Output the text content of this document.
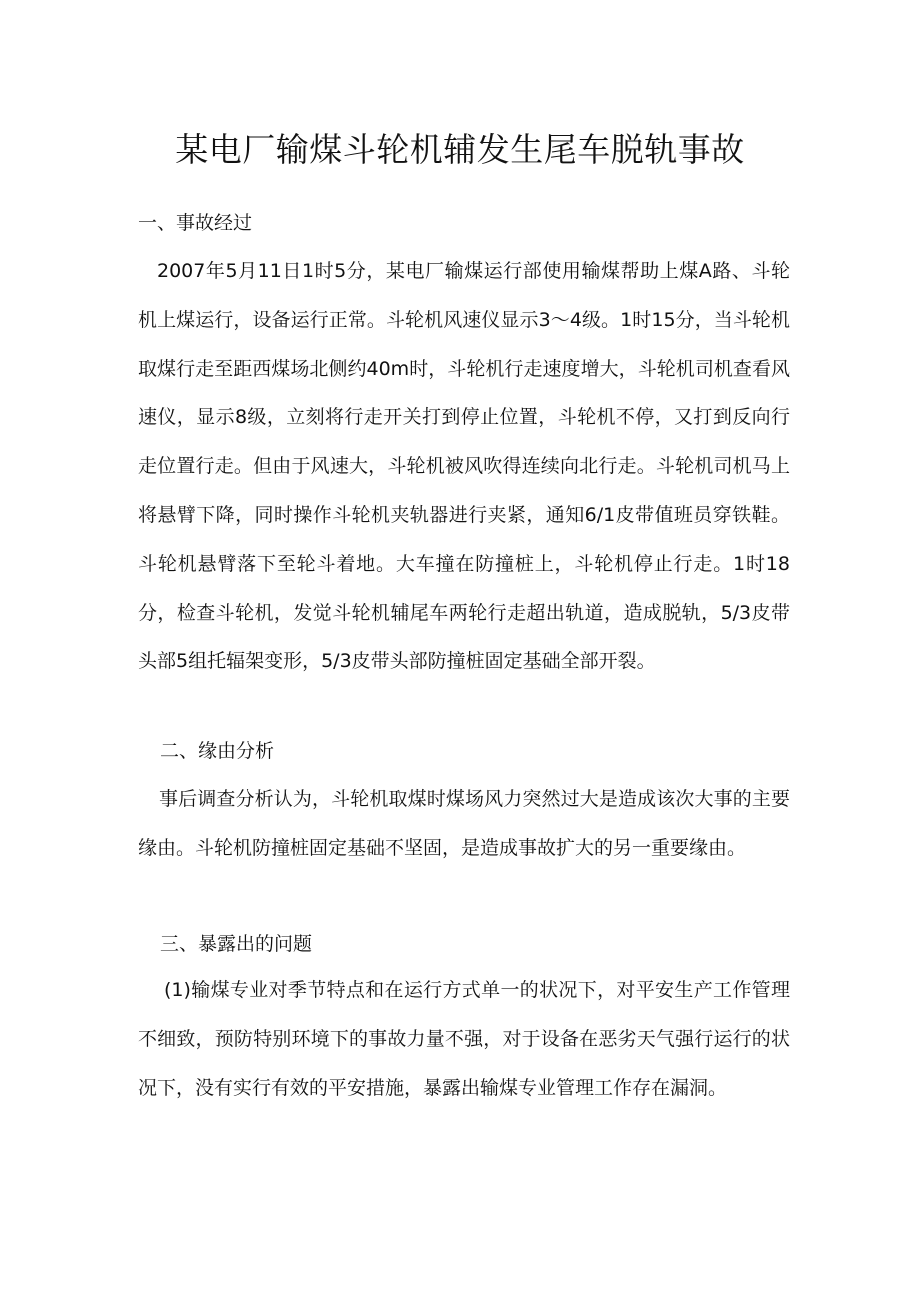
某电厂输煤斗轮机辅发生尾车脱轨事故
一、事故经过

2007年5月11日1时5分，某电厂输煤运行部使用输煤帮助上煤A路、斗轮机上煤运行，设备运行正常。斗轮机风速仪显示3～4级。1时15分，当斗轮机取煤行走至距西煤场北侧约40m时，斗轮机行走速度增大，斗轮机司机查看风速仪，显示8级，立刻将行走开关打到停止位置，斗轮机不停，又打到反向行走位置行走。但由于风速大，斗轮机被风吹得连续向北行走。斗轮机司机马上将悬臂下降，同时操作斗轮机夹轨器进行夹紧，通知6/1皮带值班员穿铁鞋。斗轮机悬臂落下至轮斗着地。大车撞在防撞桩上，斗轮机停止行走。1时18分，检查斗轮机，发觉斗轮机辅尾车两轮行走超出轨道，造成脱轨，5/3皮带头部5组托辐架变形，5/3皮带头部防撞桩固定基础全部开裂。

二、缘由分析

事后调查分析认为，斗轮机取煤时煤场风力突然过大是造成该次大事的主要缘由。斗轮机防撞桩固定基础不坚固，是造成事故扩大的另一重要缘由。

三、暴露出的问题

(1)输煤专业对季节特点和在运行方式单一的状况下，对平安生产工作管理不细致，预防特别环境下的事故力量不强，对于设备在恶劣天气强行运行的状况下，没有实行有效的平安措施，暴露出输煤专业管理工作存在漏洞。
